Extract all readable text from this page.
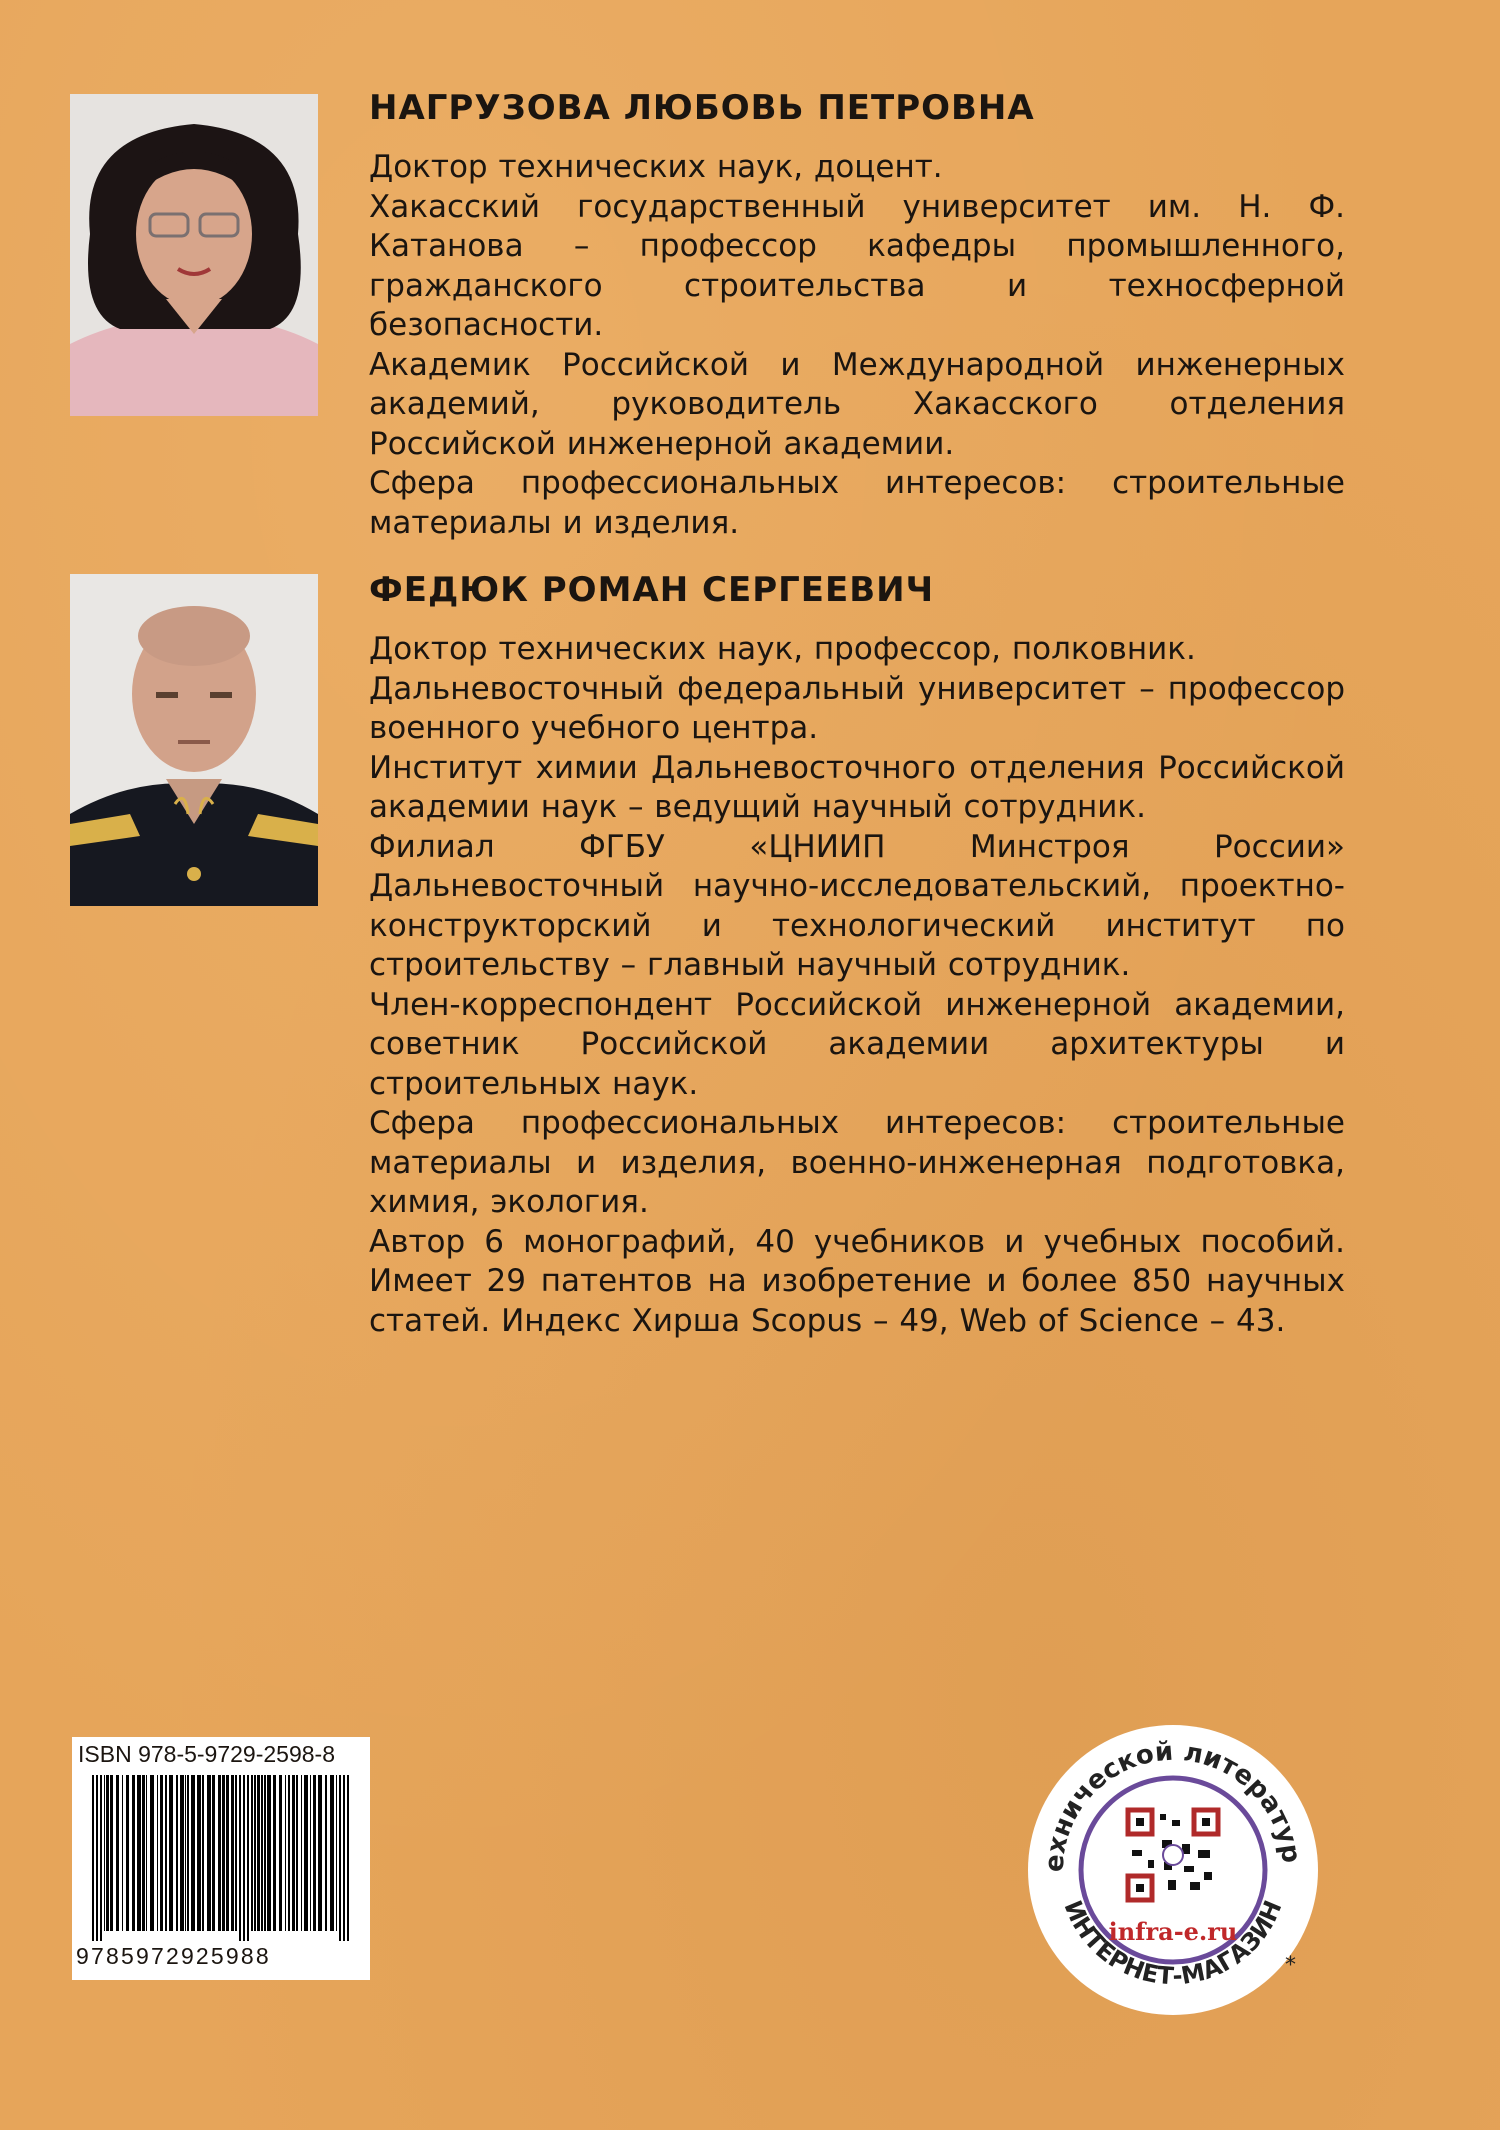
НАГРУЗОВА ЛЮБОВЬ ПЕТРОВНА

Доктор технических наук, доцент.

Хакасский государственный университет им. Н. Ф. Катанова – профессор кафедры промышленного, гражданского строительства и техносферной безопасности.

Академик Российской и Международной инженерных академий, руководитель Хакасского отделения Российской инженерной академии.

Сфера профессиональных интересов: строительные материалы и изделия.

ФЕДЮК РОМАН СЕРГЕЕВИЧ

Доктор технических наук, профессор, полковник.

Дальневосточный федеральный университет – профессор военного учебного центра.

Институт химии Дальневосточного отделения Российской академии наук – ведущий научный сотрудник.

Филиал ФГБУ «ЦНИИП Минстроя России» Дальневосточный научно-исследовательский, проектно-конструкторский и технологический институт по строительству – главный научный сотрудник.

Член-корреспондент Российской инженерной академии, советник Российской академии архитектуры и строительных наук.

Сфера профессиональных интересов: строительные материалы и изделия, военно-инженерная подготовка, химия, экология.

Автор 6 монографий, 40 учебников и учебных пособий. Имеет 29 патентов на изобретение и более 850 научных статей. Индекс Хирша Scopus – 49, Web of Science – 43.

ISBN 978-5-9729-2598-8
9785972925988
ехнической литератур
ИНТЕРНЕТ-МАГАЗИН
*
infra-e.ru
